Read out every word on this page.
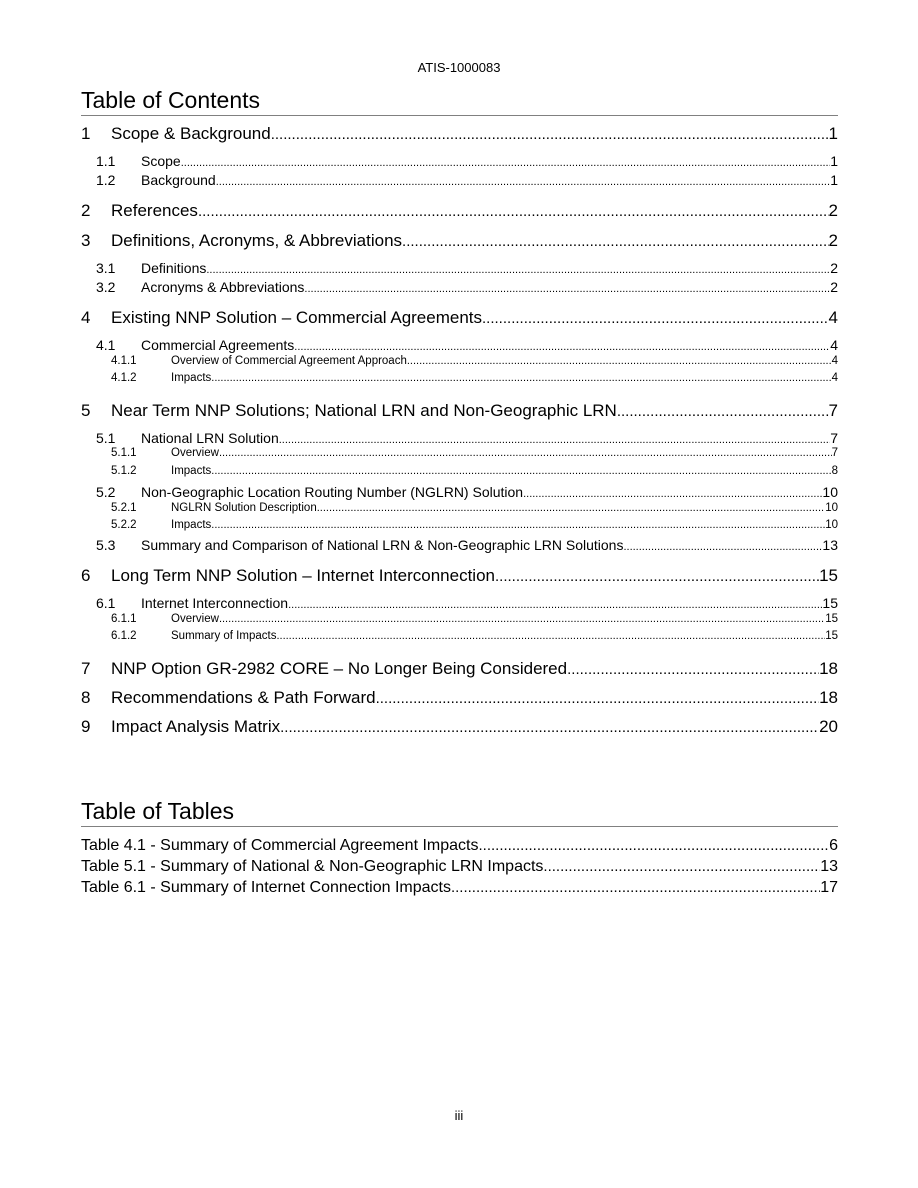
ATIS-1000083
Table of Contents
1	Scope & Background .....	1
1.1	Scope .....	1
1.2	Background .....	1
2	References .....	2
3	Definitions, Acronyms, & Abbreviations .....	2
3.1	Definitions .....	2
3.2	Acronyms & Abbreviations .....	2
4	Existing NNP Solution – Commercial Agreements .....	4
4.1	Commercial Agreements .....	4
4.1.1	Overview of Commercial Agreement Approach .....	4
4.1.2	Impacts .....	4
5	Near Term NNP Solutions; National LRN and Non-Geographic LRN .....	7
5.1	National LRN Solution .....	7
5.1.1	Overview .....	7
5.1.2	Impacts .....	8
5.2	Non-Geographic Location Routing Number (NGLRN) Solution .....	10
5.2.1	NGLRN Solution Description .....	10
5.2.2	Impacts .....	10
5.3	Summary and Comparison of National LRN & Non-Geographic LRN Solutions .....	13
6	Long Term NNP Solution – Internet Interconnection .....	15
6.1	Internet Interconnection .....	15
6.1.1	Overview .....	15
6.1.2	Summary of Impacts .....	15
7	NNP Option GR-2982 CORE – No Longer Being Considered .....	18
8	Recommendations & Path Forward .....	18
9	Impact Analysis Matrix .....	20
Table of Tables
Table 4.1 - Summary of Commercial Agreement Impacts .....	6
Table 5.1 - Summary of National & Non-Geographic LRN Impacts .....	13
Table 6.1 - Summary of Internet Connection Impacts .....	17
iii
